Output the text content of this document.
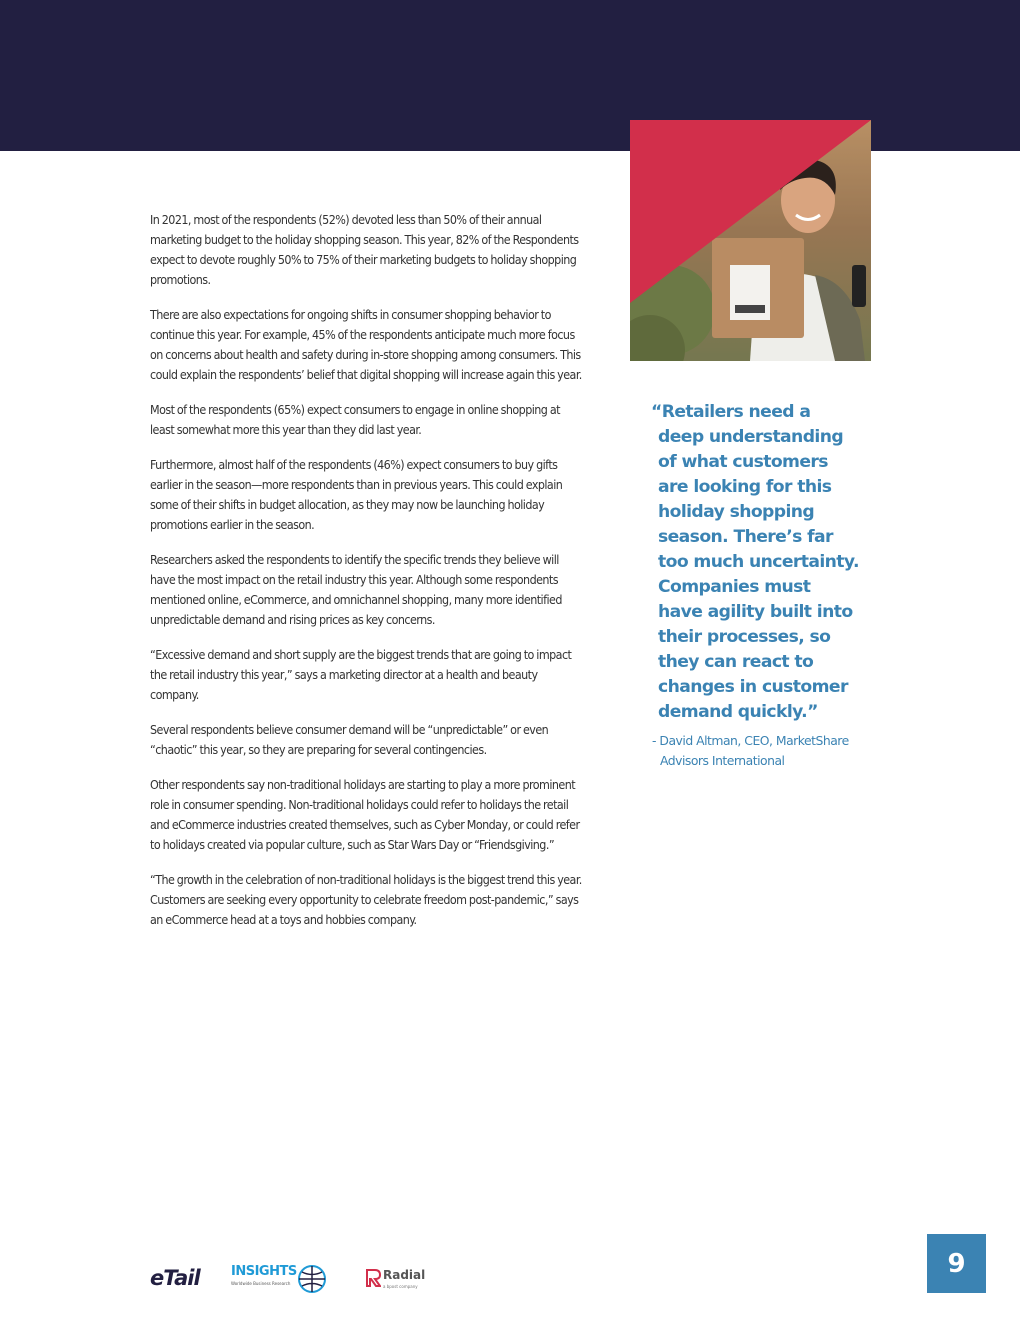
In 2021, most of the respondents (52%) devoted less than 50% of their annual marketing budget to the holiday shopping season. This year, 82% of the Respondents expect to devote roughly 50% to 75% of their marketing budgets to holiday shopping promotions.

There are also expectations for ongoing shifts in consumer shopping behavior to continue this year. For example, 45% of the respondents anticipate much more focus on concerns about health and safety during in-store shopping among consumers. This could explain the respondents’ belief that digital shopping will increase again this year.

Most of the respondents (65%) expect consumers to engage in online shopping at least somewhat more this year than they did last year.

Furthermore, almost half of the respondents (46%) expect consumers to buy gifts earlier in the season—more respondents than in previous years. This could explain some of their shifts in budget allocation, as they may now be launching holiday promotions earlier in the season.

Researchers asked the respondents to identify the specific trends they believe will have the most impact on the retail industry this year. Although some respondents mentioned online, eCommerce, and omnichannel shopping, many more identified unpredictable demand and rising prices as key concerns.

“Excessive demand and short supply are the biggest trends that are going to impact the retail industry this year,” says a marketing director at a health and beauty company.

Several respondents believe consumer demand will be “unpredictable” or even “chaotic” this year, so they are preparing for several contingencies.

Other respondents say non-traditional holidays are starting to play a more prominent role in consumer spending. Non-traditional holidays could refer to holidays the retail and eCommerce industries created themselves, such as Cyber Monday, or could refer to holidays created via popular culture, such as Star Wars Day or “Friendsgiving.”

“The growth in the celebration of non-traditional holidays is the biggest trend this year. Customers are seeking every opportunity to celebrate freedom post-pandemic,” says an eCommerce head at a toys and hobbies company.

“Retailers need a deep understanding of what customers are looking for this holiday shopping season. There’s far too much uncertainty. Companies must have agility built into their processes, so they can react to changes in customer demand quickly.”

- David Altman, CEO, MarketShare Advisors International
eTail INSIGHTS
Worldwide Business Research
Radial
a bpost company
9
